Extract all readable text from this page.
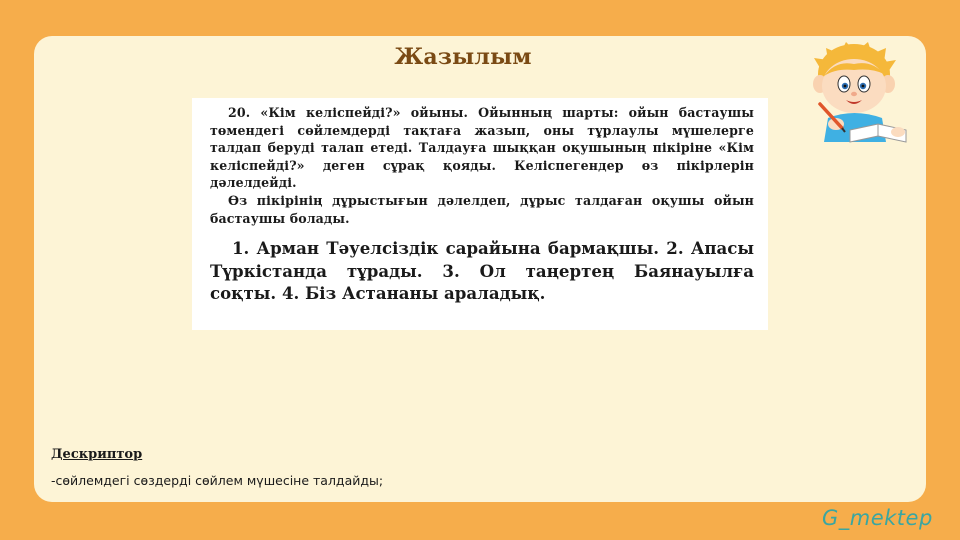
Жазылым

20. «Кім келіспейді?» ойыны. Ойынның шарты: ойын бастаушы төмендегі сөйлемдерді тақтаға жазып, оны тұрлаулы мүшелерге талдап беруді талап етеді. Талдауға шыққан оқушының пікіріне «Кім келіспейді?» деген сұрақ қояды. Келіспегендер өз пікірлерін дәлелдейді.

Өз пікірінің дұрыстығын дәлелдеп, дұрыс талдаған оқушы ойын бастаушы болады.

1. Арман Тәуелсіздік сарайына бармақшы. 2. Апасы Түркістанда тұрады. 3. Ол таңертең Баянауылға соқты. 4. Біз Астананы араладық.

Дескриптор
-сөйлемдегі сөздерді сөйлем мүшесіне талдайды;
G_mektep
